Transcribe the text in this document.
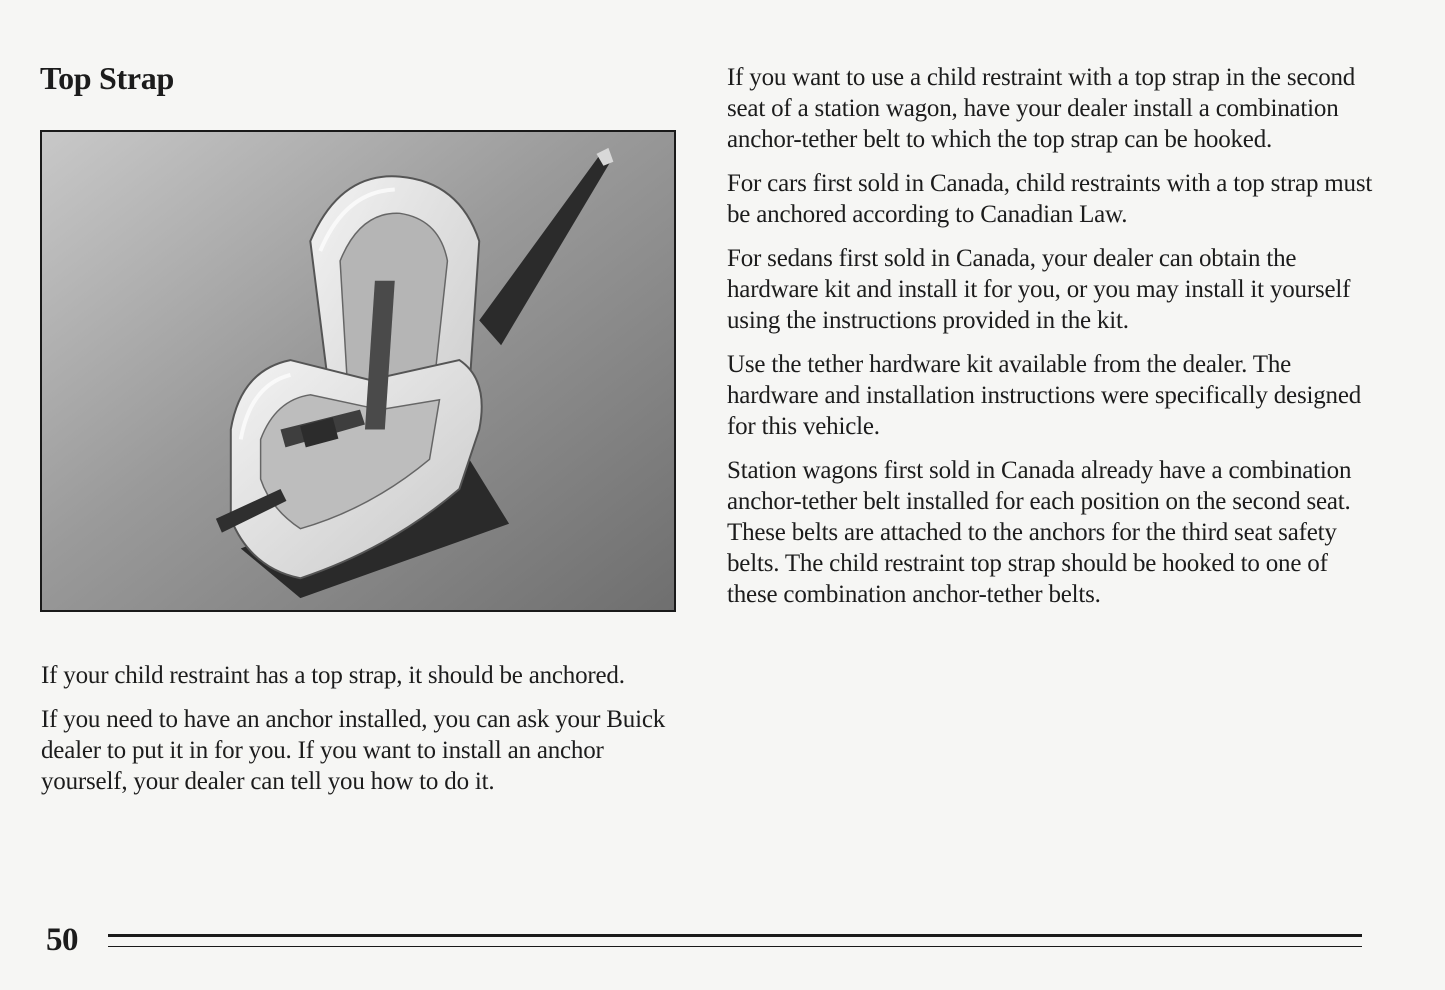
Top Strap

If your child restraint has a top strap, it should be anchored.

If you need to have an anchor installed, you can ask your Buick dealer to put it in for you. If you want to install an anchor yourself, your dealer can tell you how to do it.

If you want to use a child restraint with a top strap in the second seat of a station wagon, have your dealer install a combination anchor-tether belt to which the top strap can be hooked.

For cars first sold in Canada, child restraints with a top strap must be anchored according to Canadian Law.

For sedans first sold in Canada, your dealer can obtain the hardware kit and install it for you, or you may install it yourself using the instructions provided in the kit.

Use the tether hardware kit available from the dealer. The hardware and installation instructions were specifically designed for this vehicle.

Station wagons first sold in Canada already have a combination anchor-tether belt installed for each position on the second seat. These belts are attached to the anchors for the third seat safety belts. The child restraint top strap should be hooked to one of these combination anchor-tether belts.

50
